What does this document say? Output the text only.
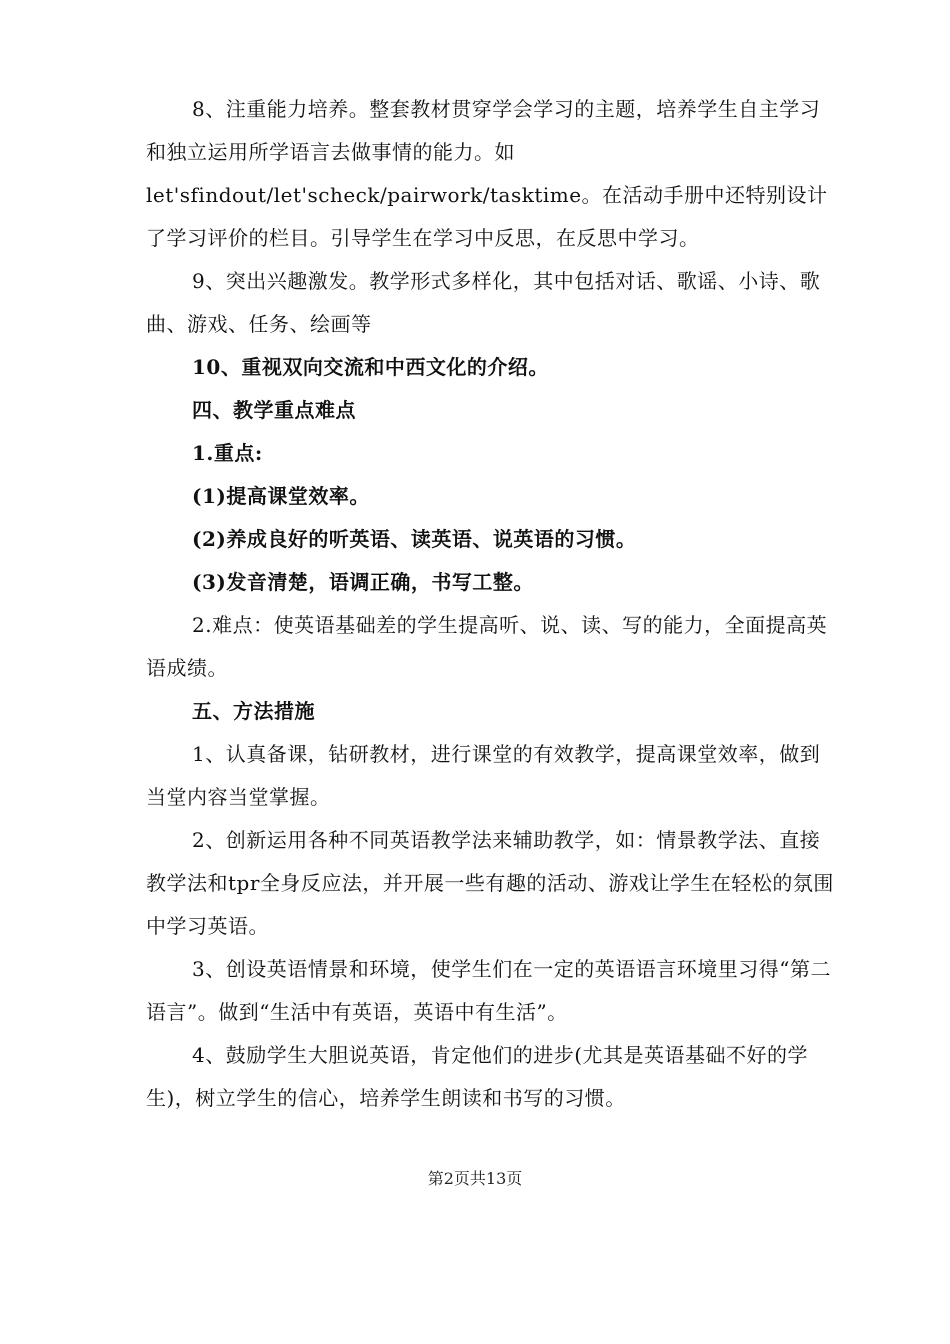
8、注重能力培养。整套教材贯穿学会学习的主题，培养学生自主学习和独立运用所学语言去做事情的能力。如

let'sfindout/let'scheck/pairwork/tasktime。在活动手册中还特别设计了学习评价的栏目。引导学生在学习中反思，在反思中学习。

9、突出兴趣激发。教学形式多样化，其中包括对话、歌谣、小诗、歌曲、游戏、任务、绘画等

10、重视双向交流和中西文化的介绍。

四、教学重点难点

1.重点:

(1)提高课堂效率。

(2)养成良好的听英语、读英语、说英语的习惯。

(3)发音清楚，语调正确，书写工整。

2.难点：使英语基础差的学生提高听、说、读、写的能力，全面提高英语成绩。

五、方法措施

1、认真备课，钻研教材，进行课堂的有效教学，提高课堂效率，做到当堂内容当堂掌握。

2、创新运用各种不同英语教学法来辅助教学，如：情景教学法、直接教学法和tpr全身反应法，并开展一些有趣的活动、游戏让学生在轻松的氛围中学习英语。

3、创设英语情景和环境，使学生们在一定的英语语言环境里习得“第二语言”。做到“生活中有英语，英语中有生活”。

4、鼓励学生大胆说英语，肯定他们的进步(尤其是英语基础不好的学生)，树立学生的信心，培养学生朗读和书写的习惯。

第2页共13页
